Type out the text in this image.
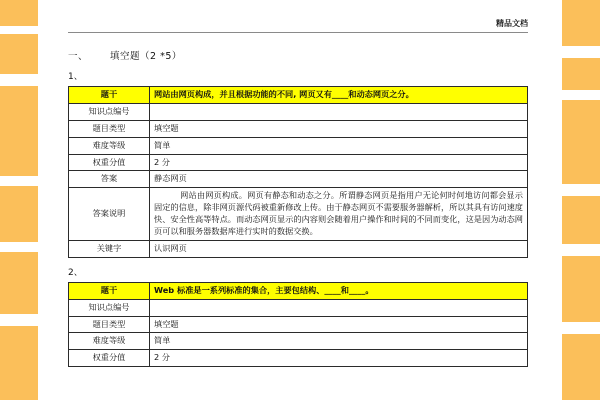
精品文档
一、 填空题（2 *5）
1、
题干	网站由网页构成，并且根据功能的不同, 网页又有____和动态网页之分。
知识点编号	
题目类型	填空题
难度等级	简单
权重分值	2 分
答案	静态网页
答案说明	网站由网页构成。网页有静态和动态之分。所谓静态网页是指用户无论何时何地访问都会显示固定的信息，除非网页源代码被重新修改上传。由于静态网页不需要服务器解析，所以其具有访问速度快、安全性高等特点。而动态网页显示的内容则会随着用户操作和时间的不同而变化，这是因为动态网页可以和服务器数据库进行实时的数据交换。
关键字	认识网页
2、
题干	Web 标准是一系列标准的集合，主要包结构、____和____。
知识点编号	
题目类型	填空题
难度等级	简单
权重分值	2 分
